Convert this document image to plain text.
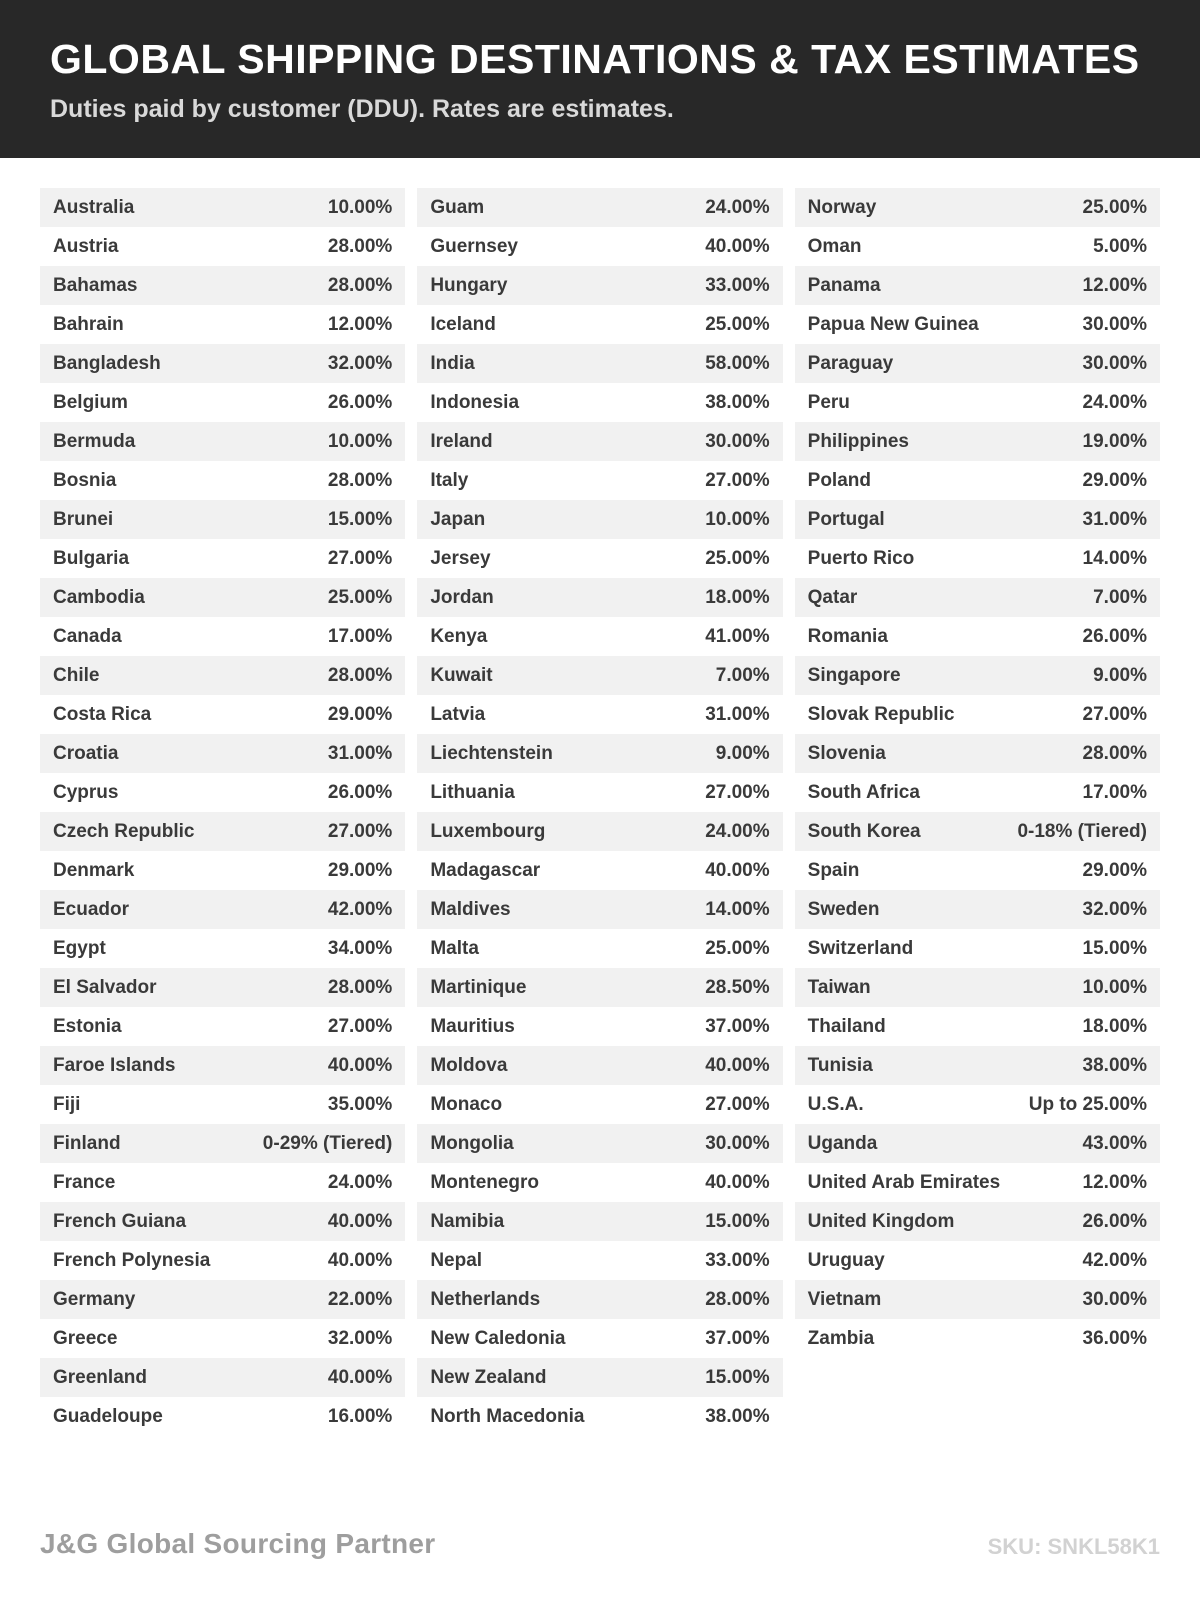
GLOBAL SHIPPING DESTINATIONS & TAX ESTIMATES
Duties paid by customer (DDU). Rates are estimates.
Australia	10.00%
Austria	28.00%
Bahamas	28.00%
Bahrain	12.00%
Bangladesh	32.00%
Belgium	26.00%
Bermuda	10.00%
Bosnia	28.00%
Brunei	15.00%
Bulgaria	27.00%
Cambodia	25.00%
Canada	17.00%
Chile	28.00%
Costa Rica	29.00%
Croatia	31.00%
Cyprus	26.00%
Czech Republic	27.00%
Denmark	29.00%
Ecuador	42.00%
Egypt	34.00%
El Salvador	28.00%
Estonia	27.00%
Faroe Islands	40.00%
Fiji	35.00%
Finland	0-29% (Tiered)
France	24.00%
French Guiana	40.00%
French Polynesia	40.00%
Germany	22.00%
Greece	32.00%
Greenland	40.00%
Guadeloupe	16.00%
Guam	24.00%
Guernsey	40.00%
Hungary	33.00%
Iceland	25.00%
India	58.00%
Indonesia	38.00%
Ireland	30.00%
Italy	27.00%
Japan	10.00%
Jersey	25.00%
Jordan	18.00%
Kenya	41.00%
Kuwait	7.00%
Latvia	31.00%
Liechtenstein	9.00%
Lithuania	27.00%
Luxembourg	24.00%
Madagascar	40.00%
Maldives	14.00%
Malta	25.00%
Martinique	28.50%
Mauritius	37.00%
Moldova	40.00%
Monaco	27.00%
Mongolia	30.00%
Montenegro	40.00%
Namibia	15.00%
Nepal	33.00%
Netherlands	28.00%
New Caledonia	37.00%
New Zealand	15.00%
North Macedonia	38.00%
Norway	25.00%
Oman	5.00%
Panama	12.00%
Papua New Guinea	30.00%
Paraguay	30.00%
Peru	24.00%
Philippines	19.00%
Poland	29.00%
Portugal	31.00%
Puerto Rico	14.00%
Qatar	7.00%
Romania	26.00%
Singapore	9.00%
Slovak Republic	27.00%
Slovenia	28.00%
South Africa	17.00%
South Korea	0-18% (Tiered)
Spain	29.00%
Sweden	32.00%
Switzerland	15.00%
Taiwan	10.00%
Thailand	18.00%
Tunisia	38.00%
U.S.A.	Up to 25.00%
Uganda	43.00%
United Arab Emirates	12.00%
United Kingdom	26.00%
Uruguay	42.00%
Vietnam	30.00%
Zambia	36.00%
J&G Global Sourcing Partner	SKU: SNKL58K1
